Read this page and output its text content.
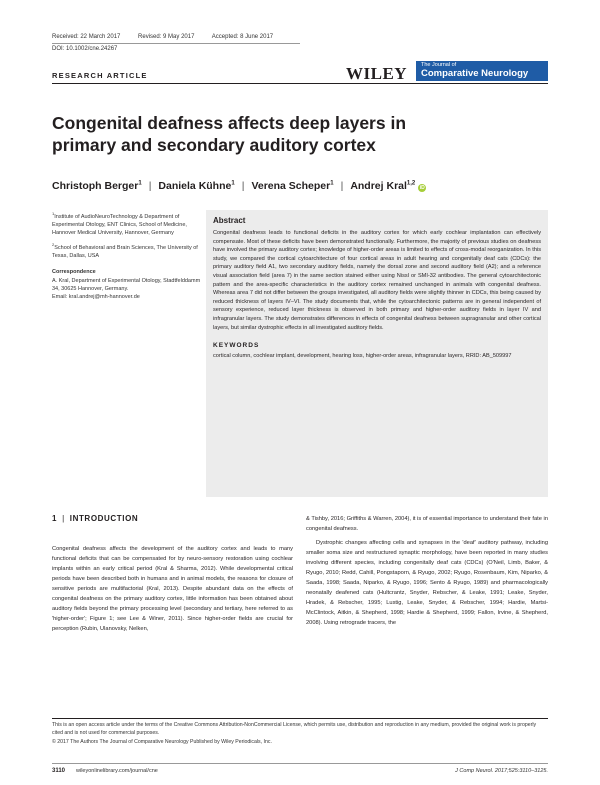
Received: 22 March 2017	Revised: 9 May 2017	Accepted: 8 June 2017
DOI: 10.1002/cne.24267
RESEARCH ARTICLE	WILEY	The Journal of
Comparative Neurology
Congenital deafness affects deep layers in
primary and secondary auditory cortex
Christoph Berger$^1$ | Daniela Kühne$^1$ | Verena Scheper$^1$ | Andrej Kral$^{1,2}$iD

$^1$Institute of AudioNeuroTechnology & Department of Experimental Otology, ENT Clinics, School of Medicine, Hannover Medical University, Hannover, Germany

$^2$School of Behavioral and Brain Sciences, The University of Texas, Dallas, USA

Correspondence

A. Kral, Department of Experimental Otology, Stadtfelddamm 34, 30625 Hannover, Germany.
Email: kral.andrej@mh-hannover.de

Abstract

Congenital deafness leads to functional deficits in the auditory cortex for which early cochlear implantation can effectively compensate. Most of these deficits have been demonstrated functionally. Furthermore, the majority of previous studies on deafness have involved the primary auditory cortex; knowledge of higher-order areas is limited to effects of cross-modal reorganization. In this study, we compared the cortical cytoarchitecture of four cortical areas in adult hearing and congenitally deaf cats (CDCs): the primary auditory field A1, two secondary auditory fields, namely the dorsal zone and second auditory field (A2); and a reference visual association field (area 7) in the same section stained either using Nissl or SMI-32 antibodies. The general cytoarchitectonic pattern and the area-specific characteristics in the auditory cortex remained unchanged in animals with congenital deafness. Whereas area 7 did not differ between the groups investigated, all auditory fields were slightly thinner in CDCs, this being caused by reduced thickness of layers IV–VI. The study documents that, while the cytoarchitectonic patterns are in general independent of sensory experience, reduced layer thickness is observed in both primary and higher-order auditory fields in layer IV and infragranular layers. The study demonstrates differences in effects of congenital deafness between supragranular and other cortical layers, but similar dystrophic effects in all investigated auditory fields.

KEYWORDS

cortical column, cochlear implant, development, hearing loss, higher-order areas, infragranular layers, RRID: AB_509997

1 | INTRODUCTION

Congenital deafness affects the development of the auditory cortex and leads to many functional deficits that can be compensated for by neuro-sensory restoration using cochlear implants within an early critical period (Kral & Sharma, 2012). While developmental critical periods have been described both in humans and in animal models, the reasons for closure of sensitive periods are multifactorial (Kral, 2013). Despite abundant data on the effects of congenital deafness on the primary auditory cortex, little information has been obtained about auditory fields beyond the primary processing level (secondary and tertiary, here referred to as 'higher-order'; Figure 1; see Lee & Winer, 2011). Since higher-order fields are crucial for perception (Rubin, Ulanovsky, Nelken,

& Tishby, 2016; Griffiths & Warren, 2004), it is of essential importance to understand their fate in congenital deafness.

Dystrophic changes affecting cells and synapses in the 'deaf' auditory pathway, including smaller soma size and restructured synaptic morphology, have been reported in many studies involving different species, including congenitally deaf cats (CDCs) (O'Neil, Limb, Baker, & Ryugo, 2010; Redd, Cahill, Pongstaporn, & Ryugo, 2002; Ryugo, Rosenbaum, Kim, Niparko, & Saada, 1998; Saada, Niparko, & Ryugo, 1996; Sento & Ryugo, 1989) and pharmacologically neonatally deafened cats (Hultcrantz, Snyder, Rebscher, & Leake, 1991; Leake, Snyder, Hradek, & Rebscher, 1995; Lustig, Leake, Snyder, & Rebscher, 1994; Hardie, Martsi-McClintock, Aitkin, & Shepherd, 1998; Hardie & Shepherd, 1999; Fallon, Irvine, & Shepherd, 2008). Using retrograde tracers, the

This is an open access article under the terms of the Creative Commons Attribution-NonCommercial License, which permits use, distribution and reproduction in any medium, provided the original work is properly cited and is not used for commercial purposes.

© 2017 The Authors The Journal of Comparative Neurology Published by Wiley Periodicals, Inc.

3110 wileyonlinelibrary.com/journal/cne	J Comp Neurol. 2017;525:3110–3125.
